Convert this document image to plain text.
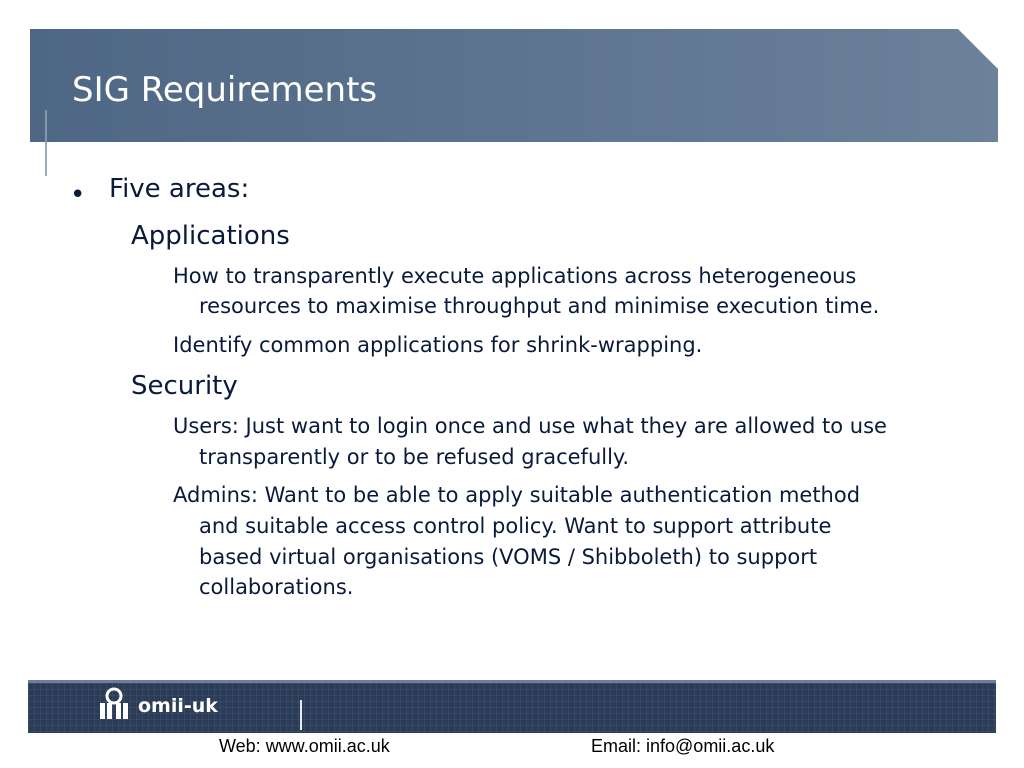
SIG Requirements
• Five areas:
Applications
How to transparently execute applications across heterogeneous
resources to maximise throughput and minimise execution time.
Identify common applications for shrink-wrapping.
Security
Users: Just want to login once and use what they are allowed to use
transparently or to be refused gracefully.
Admins: Want to be able to apply suitable authentication method
and suitable access control policy. Want to support attribute
based virtual organisations (VOMS / Shibboleth) to support
collaborations.
omii-uk
Web: www.omii.ac.uk	Email: info@omii.ac.uk
